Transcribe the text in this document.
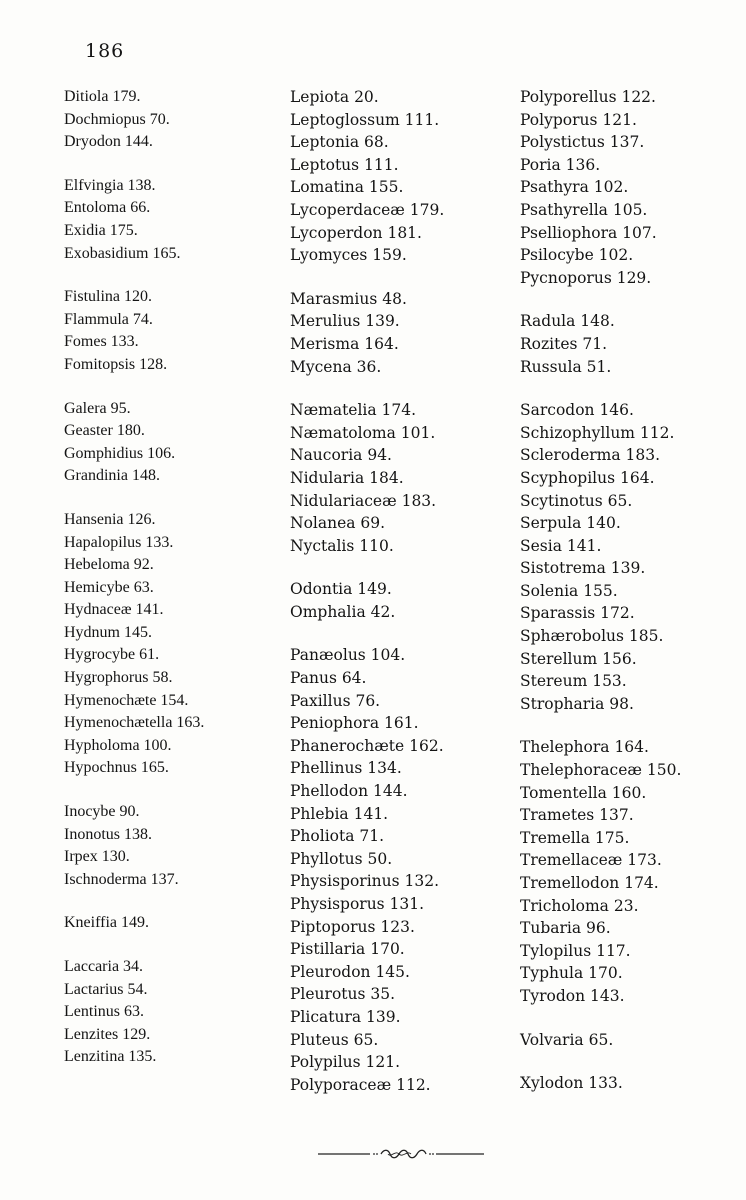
186
Ditiola 179.
Dochmiopus 70.
Dryodon 144.
Elfvingia 138.
Entoloma 66.
Exidia 175.
Exobasidium 165.
Fistulina 120.
Flammula 74.
Fomes 133.
Fomitopsis 128.
Galera 95.
Geaster 180.
Gomphidius 106.
Grandinia 148.
Hansenia 126.
Hapalopilus 133.
Hebeloma 92.
Hemicybe 63.
Hydnaceæ 141.
Hydnum 145.
Hygrocybe 61.
Hygrophorus 58.
Hymenochæte 154.
Hymenochætella 163.
Hypholoma 100.
Hypochnus 165.
Inocybe 90.
Inonotus 138.
Irpex 130.
Ischnoderma 137.
Kneiffia 149.
Laccaria 34.
Lactarius 54.
Lentinus 63.
Lenzites 129.
Lenzitina 135.
Lepiota 20.
Leptoglossum 111.
Leptonia 68.
Leptotus 111.
Lomatina 155.
Lycoperdaceæ 179.
Lycoperdon 181.
Lyomyces 159.
Marasmius 48.
Merulius 139.
Merisma 164.
Mycena 36.
Næmatelia 174.
Næmatoloma 101.
Naucoria 94.
Nidularia 184.
Nidulariaceæ 183.
Nolanea 69.
Nyctalis 110.
Odontia 149.
Omphalia 42.
Panæolus 104.
Panus 64.
Paxillus 76.
Peniophora 161.
Phanerochæte 162.
Phellinus 134.
Phellodon 144.
Phlebia 141.
Pholiota 71.
Phyllotus 50.
Physisporinus 132.
Physisporus 131.
Piptoporus 123.
Pistillaria 170.
Pleurodon 145.
Pleurotus 35.
Plicatura 139.
Pluteus 65.
Polypilus 121.
Polyporaceæ 112.
Polyporellus 122.
Polyporus 121.
Polystictus 137.
Poria 136.
Psathyra 102.
Psathyrella 105.
Pselliophora 107.
Psilocybe 102.
Pycnoporus 129.
Radula 148.
Rozites 71.
Russula 51.
Sarcodon 146.
Schizophyllum 112.
Scleroderma 183.
Scyphopilus 164.
Scytinotus 65.
Serpula 140.
Sesia 141.
Sistotrema 139.
Solenia 155.
Sparassis 172.
Sphærobolus 185.
Sterellum 156.
Stereum 153.
Stropharia 98.
Thelephora 164.
Thelephoraceæ 150.
Tomentella 160.
Trametes 137.
Tremella 175.
Tremellaceæ 173.
Tremellodon 174.
Tricholoma 23.
Tubaria 96.
Tylopilus 117.
Typhula 170.
Tyrodon 143.
Volvaria 65.
Xylodon 133.
